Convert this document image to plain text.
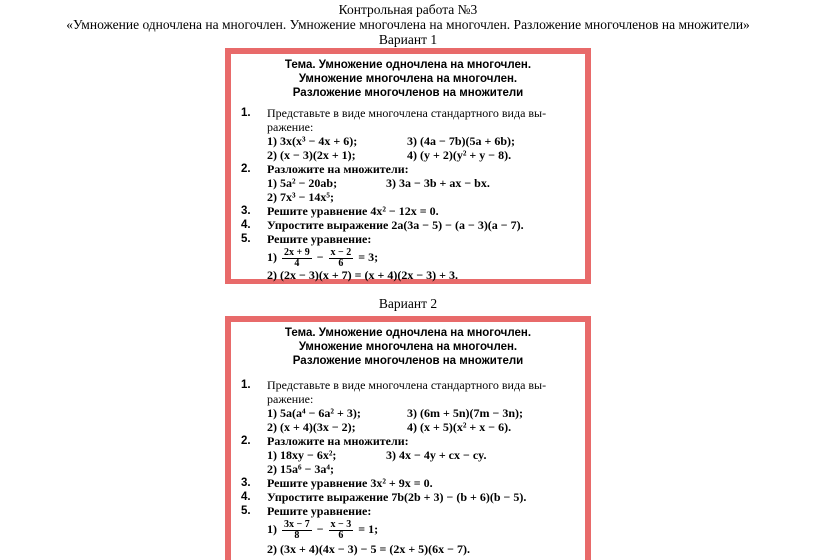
Контрольная работа №3
«Умножение одночлена на многочлен. Умножение многочлена на многочлен. Разложение многочленов на множители»
Вариант 1
Вариант 2
Тема. Умножение одночлена на многочлен.
Умножение многочлена на многочлен.
Разложение многочленов на множители
1. Представьте в виде многочлена стандартного вида вы-
ражение:
1) 3x(x³ − 4x + 6);	3) (4a − 7b)(5a + 6b);
2) (x − 3)(2x + 1);	4) (y + 2)(y² + y − 8).
2. Разложите на множители:
1) 5a² − 20ab;	3) 3a − 3b + ax − bx.
2) 7x³ − 14x⁵;
3. Решите уравнение 4x² − 12x = 0.
4. Упростите выражение 2a(3a − 5) − (a − 3)(a − 7).
5. Решите уравнение:
$1) \frac{2x + 9}{4} - \frac{x - 2}{6} = 3$;
2) (2x − 3)(x + 7) = (x + 4)(2x − 3) + 3.
Тема. Умножение одночлена на многочлен.
Умножение многочлена на многочлен.
Разложение многочленов на множители
1. Представьте в виде многочлена стандартного вида вы-
ражение:
1) 5a(a⁴ − 6a² + 3);	3) (6m + 5n)(7m − 3n);
2) (x + 4)(3x − 2);	4) (x + 5)(x² + x − 6).
2. Разложите на множители:
1) 18xy − 6x²;	3) 4x − 4y + cx − cy.
2) 15a⁶ − 3a⁴;
3. Решите уравнение 3x² + 9x = 0.
4. Упростите выражение 7b(2b + 3) − (b + 6)(b − 5).
5. Решите уравнение:
$1) \frac{3x - 7}{8} - \frac{x - 3}{6} = 1$;
2) (3x + 4)(4x − 3) − 5 = (2x + 5)(6x − 7).
